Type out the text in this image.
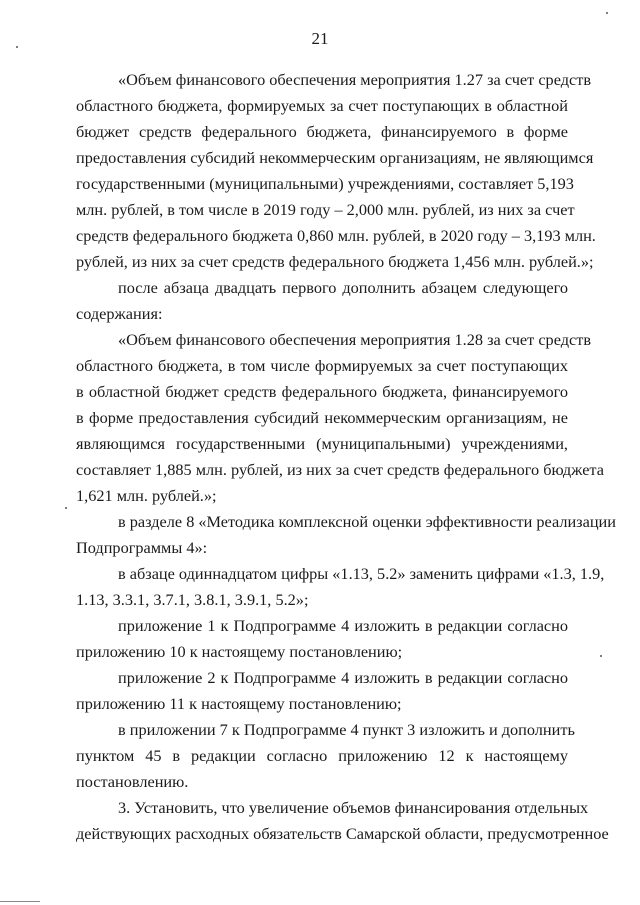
21
«Объем финансового обеспечения мероприятия 1.27 за счет средств
областного бюджета, формируемых за счет поступающих в областной
бюджет средств федерального бюджета, финансируемого в форме
предоставления субсидий некоммерческим организациям, не являющимся
государственными (муниципальными) учреждениями, составляет 5,193
млн. рублей, в том числе в 2019 году – 2,000 млн. рублей, из них за счет
средств федерального бюджета 0,860 млн. рублей, в 2020 году – 3,193 млн.
рублей, из них за счет средств федерального бюджета 1,456 млн. рублей.»;
после абзаца двадцать первого дополнить абзацем следующего
содержания:
«Объем финансового обеспечения мероприятия 1.28 за счет средств
областного бюджета, в том числе формируемых за счет поступающих
в областной бюджет средств федерального бюджета, финансируемого
в форме предоставления субсидий некоммерческим организациям, не
являющимся государственными (муниципальными) учреждениями,
составляет 1,885 млн. рублей, из них за счет средств федерального бюджета
1,621 млн. рублей.»;
в разделе 8 «Методика комплексной оценки эффективности реализации
Подпрограммы 4»:
в абзаце одиннадцатом цифры «1.13, 5.2» заменить цифрами «1.3, 1.9,
1.13, 3.3.1, 3.7.1, 3.8.1, 3.9.1, 5.2»;
приложение 1 к Подпрограмме 4 изложить в редакции согласно
приложению 10 к настоящему постановлению;
приложение 2 к Подпрограмме 4 изложить в редакции согласно
приложению 11 к настоящему постановлению;
в приложении 7 к Подпрограмме 4 пункт 3 изложить и дополнить
пунктом 45 в редакции согласно приложению 12 к настоящему
постановлению.
3. Установить, что увеличение объемов финансирования отдельных
действующих расходных обязательств Самарской области, предусмотренное
